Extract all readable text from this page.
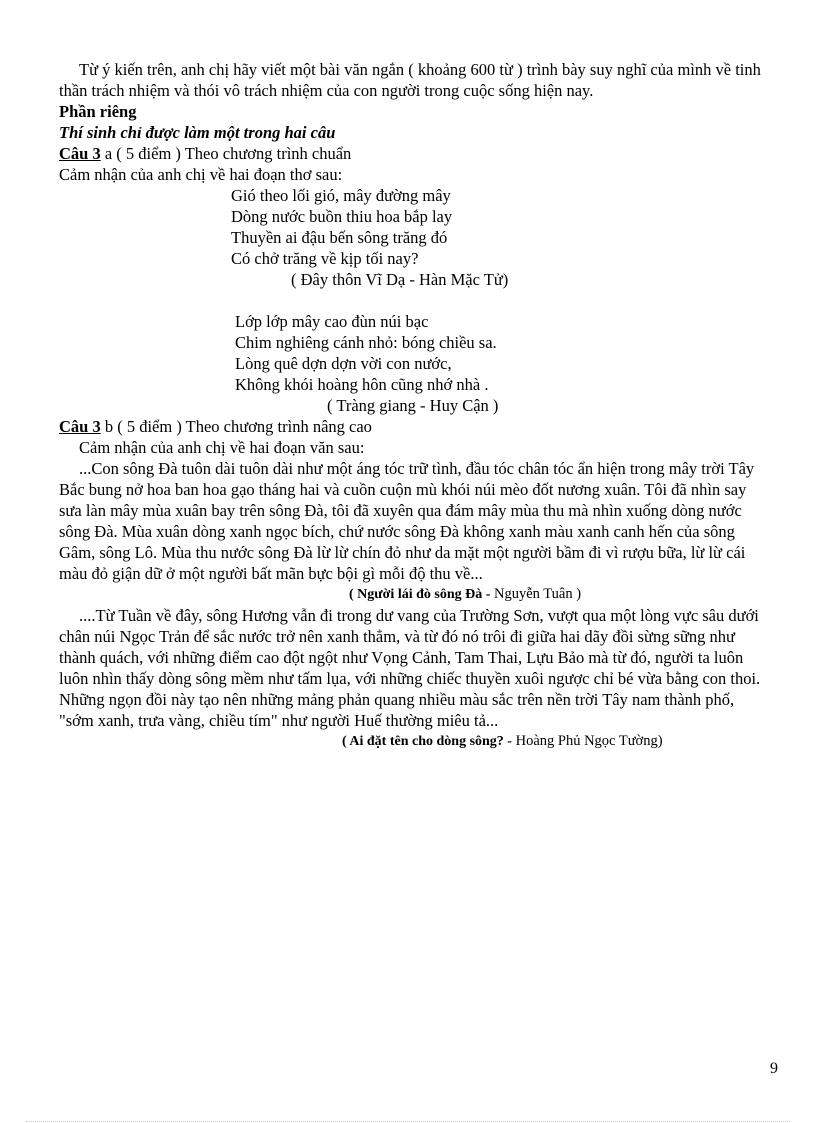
Từ ý kiến trên, anh chị hãy viết một bài văn ngắn ( khoảng 600 từ ) trình bày suy nghĩ của mình về tinh thần trách nhiệm và thói vô trách nhiệm của con người trong cuộc sống hiện nay.

Phần riêng

Thí sinh chỉ được làm một trong hai câu

Câu 3 a ( 5 điểm ) Theo chương trình chuẩn

Cảm nhận của anh chị về hai đoạn thơ sau:

Gió theo lối gió, mây đường mây
Dòng nước buồn thiu hoa bắp lay
Thuyền ai đậu bến sông trăng đó
Có chở trăng về kịp tối nay?

( Đây thôn Vĩ Dạ - Hàn Mặc Tử)

Lớp lớp mây cao đùn núi bạc
Chim nghiêng cánh nhỏ: bóng chiều sa.
Lòng quê dợn dợn vời con nước,
Không khói hoàng hôn cũng nhớ nhà .

( Tràng giang - Huy Cận )

Câu 3 b ( 5 điểm ) Theo chương trình nâng cao

Cảm nhận của anh chị về hai đoạn văn sau:

...Con sông Đà tuôn dài tuôn dài như một áng tóc trữ tình, đầu tóc chân tóc ẩn hiện trong mây trời Tây Bắc bung nở hoa ban hoa gạo tháng hai và cuồn cuộn mù khói núi mèo đốt nương xuân. Tôi đã nhìn say sưa làn mây mùa xuân bay trên sông Đà, tôi đã xuyên qua đám mây mùa thu mà nhìn xuống dòng nước sông Đà. Mùa xuân dòng xanh ngọc bích, chứ nước sông Đà không xanh màu xanh canh hến của sông Gâm, sông Lô. Mùa thu nước sông Đà lừ lừ chín đỏ như da mặt một người bầm đi vì rượu bữa, lừ lừ cái màu đỏ giận dữ ở một người bất mãn bực bội gì mỗi độ thu về...

( Người lái đò sông Đà - Nguyễn Tuân )

....Từ Tuần về đây, sông Hương vẫn đi trong dư vang của Trường Sơn, vượt qua một lòng vực sâu dưới chân núi Ngọc Trản để sắc nước trở nên xanh thẳm, và từ đó nó trôi đi giữa hai dãy đồi sừng sững như thành quách, với những điểm cao đột ngột như Vọng Cảnh, Tam Thai, Lựu Bảo mà từ đó, người ta luôn luôn nhìn thấy dòng sông mềm như tấm lụa, với những chiếc thuyền xuôi ngược chỉ bé vừa bằng con thoi. Những ngọn đồi này tạo nên những mảng phản quang nhiều màu sắc trên nền trời Tây nam thành phố, "sớm xanh, trưa vàng, chiều tím" như người Huế thường miêu tả...

( Ai đặt tên cho dòng sông? - Hoàng Phủ Ngọc Tường)

9
